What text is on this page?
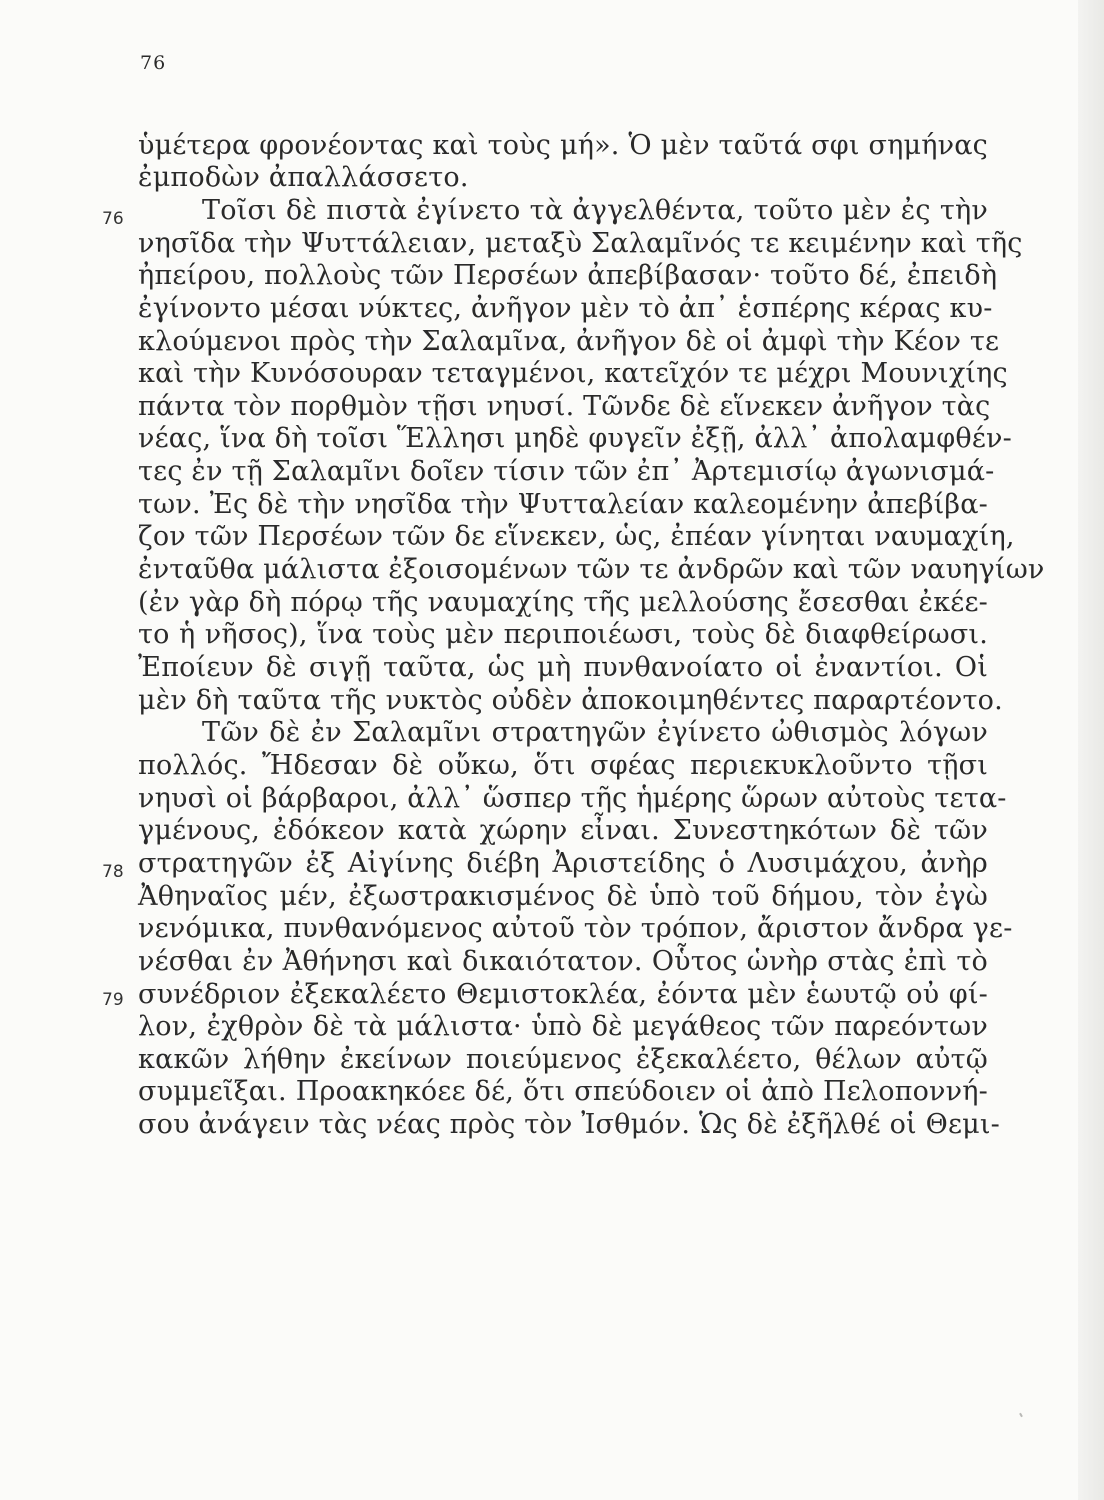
76
76
78
79
ὑμέτερα φρονέοντας καὶ τοὺς μή». Ὁ μὲν ταῦτά σφι σημήνας
ἐμποδὼν ἀπαλλάσσετο.
Τοῖσι δὲ πιστὰ ἐγίνετο τὰ ἀγγελθέντα, τοῦτο μὲν ἐς τὴν
νησῖδα τὴν Ψυττάλειαν, μεταξὺ Σαλαμῖνός τε κειμένην καὶ τῆς
ἠπείρου, πολλοὺς τῶν Περσέων ἀπεβίβασαν· τοῦτο δέ, ἐπειδὴ
ἐγίνοντο μέσαι νύκτες, ἀνῆγον μὲν τὸ ἀπ᾽ ἑσπέρης κέρας κυ-
κλούμενοι πρὸς τὴν Σαλαμῖνα, ἀνῆγον δὲ οἱ ἀμφὶ τὴν Κέον τε
καὶ τὴν Κυνόσουραν τεταγμένοι, κατεῖχόν τε μέχρι Μουνιχίης
πάντα τὸν πορθμὸν τῇσι νηυσί. Τῶνδε δὲ εἵνεκεν ἀνῆγον τὰς
νέας, ἵνα δὴ τοῖσι Ἕλλησι μηδὲ φυγεῖν ἐξῇ, ἀλλ᾽ ἀπολαμφθέν-
τες ἐν τῇ Σαλαμῖνι δοῖεν τίσιν τῶν ἐπ᾽ Ἀρτεμισίῳ ἀγωνισμά-
των. Ἐς δὲ τὴν νησῖδα τὴν Ψυτταλείαν καλεομένην ἀπεβίβα-
ζον τῶν Περσέων τῶν δε εἵνεκεν, ὡς, ἐπέαν γίνηται ναυμαχίη,
ἐνταῦθα μάλιστα ἐξοισομένων τῶν τε ἀνδρῶν καὶ τῶν ναυηγίων
(ἐν γὰρ δὴ πόρῳ τῆς ναυμαχίης τῆς μελλούσης ἔσεσθαι ἐκέε-
το ἡ νῆσος), ἵνα τοὺς μὲν περιποιέωσι, τοὺς δὲ διαφθείρωσι.
Ἐποίευν δὲ σιγῇ ταῦτα, ὡς μὴ πυνθανοίατο οἱ ἐναντίοι. Οἱ
μὲν δὴ ταῦτα τῆς νυκτὸς οὐδὲν ἀποκοιμηθέντες παραρτέοντο.
Τῶν δὲ ἐν Σαλαμῖνι στρατηγῶν ἐγίνετο ὠθισμὸς λόγων
πολλός. Ἤδεσαν δὲ οὔκω, ὅτι σφέας περιεκυκλοῦντο τῇσι
νηυσὶ οἱ βάρβαροι, ἀλλ᾽ ὥσπερ τῆς ἡμέρης ὥρων αὐτοὺς τετα-
γμένους, ἐδόκεον κατὰ χώρην εἶναι. Συνεστηκότων δὲ τῶν
στρατηγῶν ἐξ Αἰγίνης διέβη Ἀριστείδης ὁ Λυσιμάχου, ἀνὴρ
Ἀθηναῖος μέν, ἐξωστρακισμένος δὲ ὑπὸ τοῦ δήμου, τὸν ἐγὼ
νενόμικα, πυνθανόμενος αὐτοῦ τὸν τρόπον, ἄριστον ἄνδρα γε-
νέσθαι ἐν Ἀθήνησι καὶ δικαιότατον. Οὗτος ὡνὴρ στὰς ἐπὶ τὸ
συνέδριον ἐξεκαλέετο Θεμιστοκλέα, ἐόντα μὲν ἑωυτῷ οὐ φί-
λον, ἐχθρὸν δὲ τὰ μάλιστα· ὑπὸ δὲ μεγάθεος τῶν παρεόντων
κακῶν λήθην ἐκείνων ποιεύμενος ἐξεκαλέετο, θέλων αὐτῷ
συμμεῖξαι. Προακηκόεε δέ, ὅτι σπεύδοιεν οἱ ἀπὸ Πελοποννή-
σου ἀνάγειν τὰς νέας πρὸς τὸν Ἰσθμόν. Ὡς δὲ ἐξῆλθέ οἱ Θεμι-
